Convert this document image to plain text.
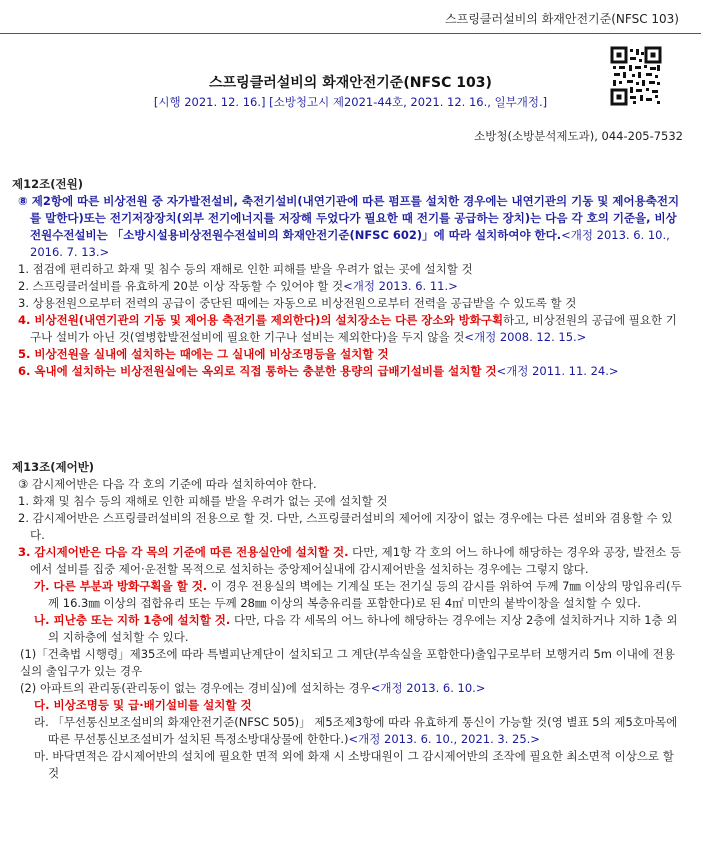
스프링클러설비의 화재안전기준(NFSC 103)
스프링클러설비의 화재안전기준(NFSC 103)
[시행 2021. 12. 16.] [소방청고시 제2021-44호, 2021. 12. 16., 일부개정.]
소방청(소방분석제도과), 044-205-7532

제12조(전원)

⑧ 제2항에 따른 비상전원 중 자가발전설비, 축전기설비(내연기관에 따른 펌프를 설치한 경우에는 내연기관의 기동 및 제어용축전지를 말한다)또는 전기저장장치(외부 전기에너지를 저장해 두었다가 필요한 때 전기를 공급하는 장치)는 다음 각 호의 기준을, 비상전원수전설비는 「소방시설용비상전원수전설비의 화재안전기준(NFSC 602)」에 따라 설치하여야 한다.<개정 2013. 6. 10., 2016. 7. 13.>

1. 점검에 편리하고 화재 및 침수 등의 재해로 인한 피해를 받을 우려가 없는 곳에 설치할 것

2. 스프링클러설비를 유효하게 20분 이상 작동할 수 있어야 할 것<개정 2013. 6. 11.>

3. 상용전원으로부터 전력의 공급이 중단된 때에는 자동으로 비상전원으로부터 전력을 공급받을 수 있도록 할 것

4. 비상전원(내연기관의 기동 및 제어용 축전기를 제외한다)의 설치장소는 다른 장소와 방화구획하고, 비상전원의 공급에 필요한 기구나 설비가 아닌 것(열병합발전설비에 필요한 기구나 설비는 제외한다)을 두지 않을 것<개정 2008. 12. 15.>

5. 비상전원을 실내에 설치하는 때에는 그 실내에 비상조명등을 설치할 것

6. 옥내에 설치하는 비상전원실에는 옥외로 직접 통하는 충분한 용량의 급배기설비를 설치할 것<개정 2011. 11. 24.>

제13조(제어반)

③ 감시제어반은 다음 각 호의 기준에 따라 설치하여야 한다.

1. 화재 및 침수 등의 재해로 인한 피해를 받을 우려가 없는 곳에 설치할 것

2. 감시제어반은 스프링클러설비의 전용으로 할 것. 다만, 스프링클러설비의 제어에 지장이 없는 경우에는 다른 설비와 겸용할 수 있다.

3. 감시제어반은 다음 각 목의 기준에 따른 전용실안에 설치할 것. 다만, 제1항 각 호의 어느 하나에 해당하는 경우와 공장, 발전소 등에서 설비를 집중 제어·운전할 목적으로 설치하는 중앙제어실내에 감시제어반을 설치하는 경우에는 그렇지 않다.

가. 다른 부분과 방화구획을 할 것. 이 경우 전용실의 벽에는 기계실 또는 전기실 등의 감시를 위하여 두께 7㎜ 이상의 망입유리(두께 16.3㎜ 이상의 접합유리 또는 두께 28㎜ 이상의 복층유리를 포함한다)로 된 4㎡ 미만의 붙박이창을 설치할 수 있다.

나. 피난층 또는 지하 1층에 설치할 것. 다만, 다음 각 세목의 어느 하나에 해당하는 경우에는 지상 2층에 설치하거나 지하 1층 외의 지하층에 설치할 수 있다.

(1)「건축법 시행령」제35조에 따라 특별피난계단이 설치되고 그 계단(부속실을 포함한다)출입구로부터 보행거리 5m 이내에 전용실의 출입구가 있는 경우

(2) 아파트의 관리동(관리동이 없는 경우에는 경비실)에 설치하는 경우<개정 2013. 6. 10.>

다. 비상조명등 및 급·배기설비를 설치할 것

라. 「무선통신보조설비의 화재안전기준(NFSC 505)」 제5조제3항에 따라 유효하게 통신이 가능할 것(영 별표 5의 제5호마목에 따른 무선통신보조설비가 설치된 특정소방대상물에 한한다.)<개정 2013. 6. 10., 2021. 3. 25.>

마. 바닥면적은 감시제어반의 설치에 필요한 면적 외에 화재 시 소방대원이 그 감시제어반의 조작에 필요한 최소면적 이상으로 할 것
